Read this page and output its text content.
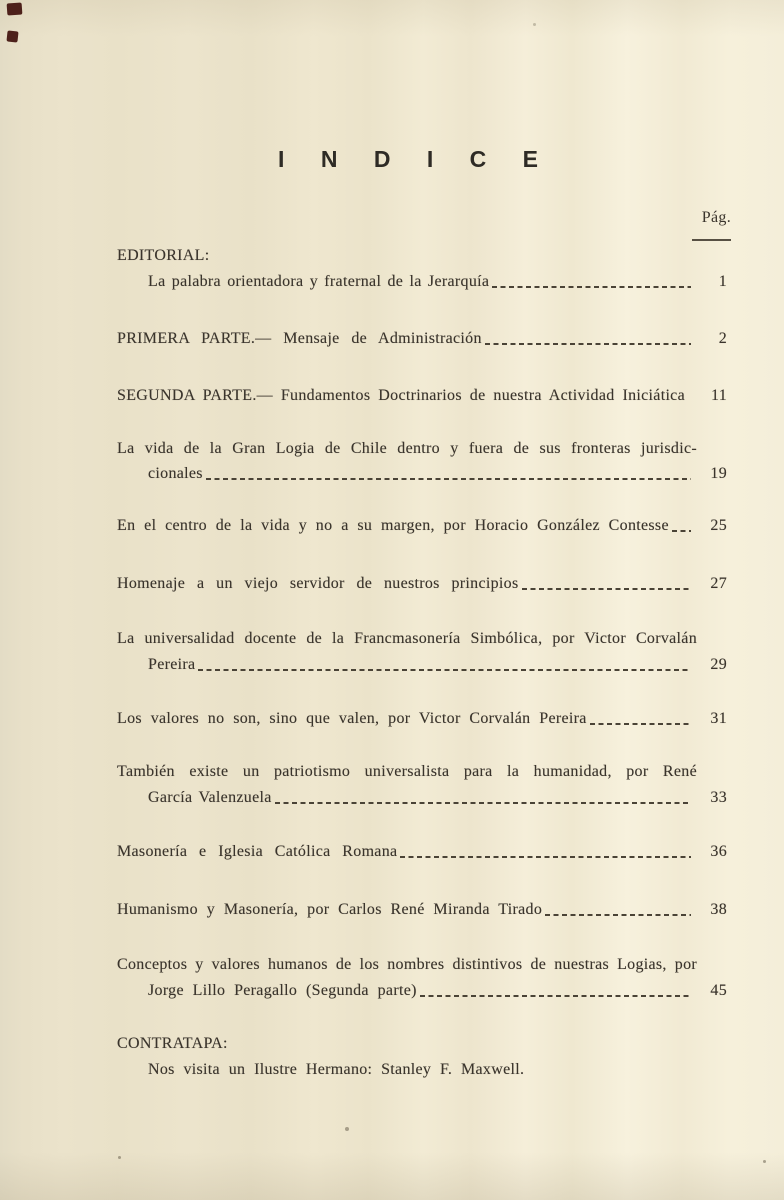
I N D I C E
Pág.
EDITORIAL:
La palabra orientadora y fraternal de la Jerarquía	1
PRIMERA PARTE.— Mensaje de Administración	2
SEGUNDA PARTE.— Fundamentos Doctrinarios de nuestra Actividad Iniciática	11
La vida de la Gran Logia de Chile dentro y fuera de sus fronteras jurisdic-
cionales	19
En el centro de la vida y no a su margen, por Horacio González Contesse	25
Homenaje a un viejo servidor de nuestros principios	27
La universalidad docente de la Francmasonería Simbólica, por Victor Corvalán
Pereira	29
Los valores no son, sino que valen, por Victor Corvalán Pereira	31
También existe un patriotismo universalista para la humanidad, por René
García Valenzuela	33
Masonería e Iglesia Católica Romana	36
Humanismo y Masonería, por Carlos René Miranda Tirado	38
Conceptos y valores humanos de los nombres distintivos de nuestras Logias, por
Jorge Lillo Peragallo (Segunda parte)	45
CONTRATAPA:
Nos visita un Ilustre Hermano: Stanley F. Maxwell.
